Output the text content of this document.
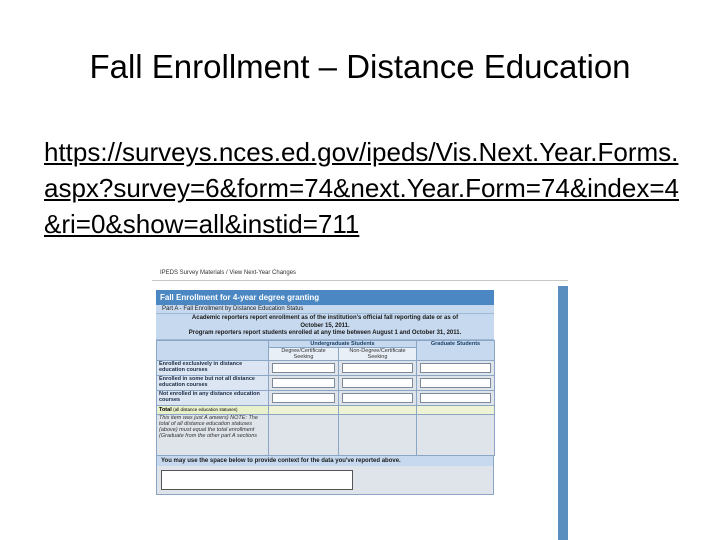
Fall Enrollment – Distance Education
https://surveys.nces.ed.gov/ipeds/Vis.Next.Year.Forms.aspx?survey=6&form=74&next.Year.Form=74&index=4&ri=0&show=all&instid=711
IPEDS Survey Materials / View Next-Year Changes
Fall Enrollment for 4-year degree granting
Part A - Fall Enrollment by Distance Education Status
Academic reporters report enrollment as of the institution's official fall reporting date or as of
October 15, 2011.
Program reporters report students enrolled at any time between August 1 and October 31, 2011.
	Undergraduate Students		Graduate Students
	Degree/Certificate Seeking	Non-Degree/Certificate Seeking	
Enrolled exclusively in distance education courses	

Enrolled in some but not all distance education courses	

Not enrolled in any distance education courses	

Total (all distance education statuses)			
This item was just A anwers) NOTE: The total of all distance education statuses (above) must equal the total enrollment (Graduate from the other part A sections			
You may use the space below to provide context for the data you've reported above.
